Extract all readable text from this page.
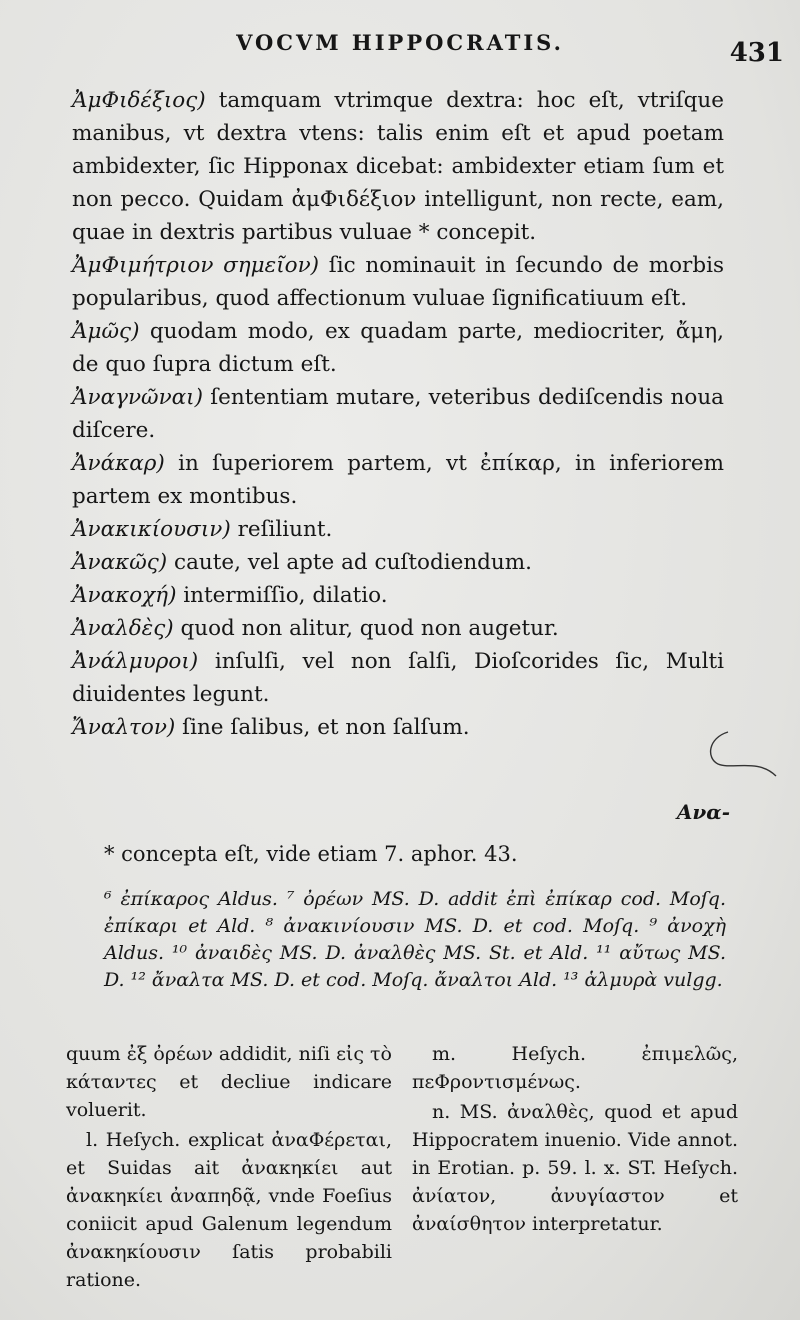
VOCVM HIPPOCRATIS.	431

ἈμΦιδέξιος) tamquam vtrimque dextra: hoc eſt, vtriſque manibus, vt dextra vtens: talis enim eſt et apud poetam ambidexter, ſic Hipponax dicebat: ambidexter etiam ſum et non pecco. Quidam ἀμΦιδέξιον intelligunt, non recte, eam, quae in dextris partibus vuluae * concepit.

ἈμΦιμήτριον σημεῖον) ſic nominauit in ſecundo de morbis popularibus, quod affectionum vuluae ſignificatiuum eſt.

Ἀμῶς) quodam modo, ex quadam parte, mediocriter, ἄμη, de quo ſupra dictum eſt.

Ἀναγνῶναι) ſententiam mutare, veteribus dediſcendis noua diſcere.

Ἀνάκαρ) in ſuperiorem partem, vt ἐπίκαρ, in inferiorem partem ex montibus.

Ἀνακικίουσιν) reſiliunt.

Ἀνακῶς) caute, vel apte ad cuſtodiendum.

Ἀνακοχή) intermiſſio, dilatio.

Ἀναλδὲς) quod non alitur, quod non augetur.

Ἀνάλμυροι) inſulſi, vel non ſalſi, Dioſcorides ſic, Multi diuidentes legunt.

Ἄναλτον) ſine ſalibus, et non ſalſum.

Ανα-
* concepta eſt, vide etiam 7. aphor. 43.
⁶ ἐπίκαρος Aldus. ⁷ ὀρέων MS. D. addit ἐπὶ ἐπίκαρ cod. Moſq. ἐπίκαρι et Ald. ⁸ ἀνακινίουσιν MS. D. et cod. Moſq. ⁹ ἀνοχὴ Aldus. ¹⁰ ἀναιδὲς MS. D. ἀναλθὲς MS. St. et Ald. ¹¹ αὔτως MS. D. ¹² ἄναλτα MS. D. et cod. Moſq. ἄναλτοι Ald. ¹³ ἁλμυρὰ vulgg.

quum ἐξ ὀρέων addidit, niſi εἰς τὸ κάταντες et decliue indicare voluerit.

l. Heſych. explicat ἀναΦέρεται, et Suidas ait ἀνακηκίει aut ἀνακηκίει ἀναπηδᾷ, vnde Foeſius coniicit apud Galenum legendum ἀνακηκίουσιν ſatis probabili ratione.

m. Heſych. ἐπιμελῶς, πεΦροντισμένως.

n. MS. ἀναλθὲς, quod et apud Hippocratem inuenio. Vide annot. in Erotian. p. 59. l. x. ST. Heſych. ἀνίατον, ἀνυγίαστον et ἀναίσθητον interpretatur.
